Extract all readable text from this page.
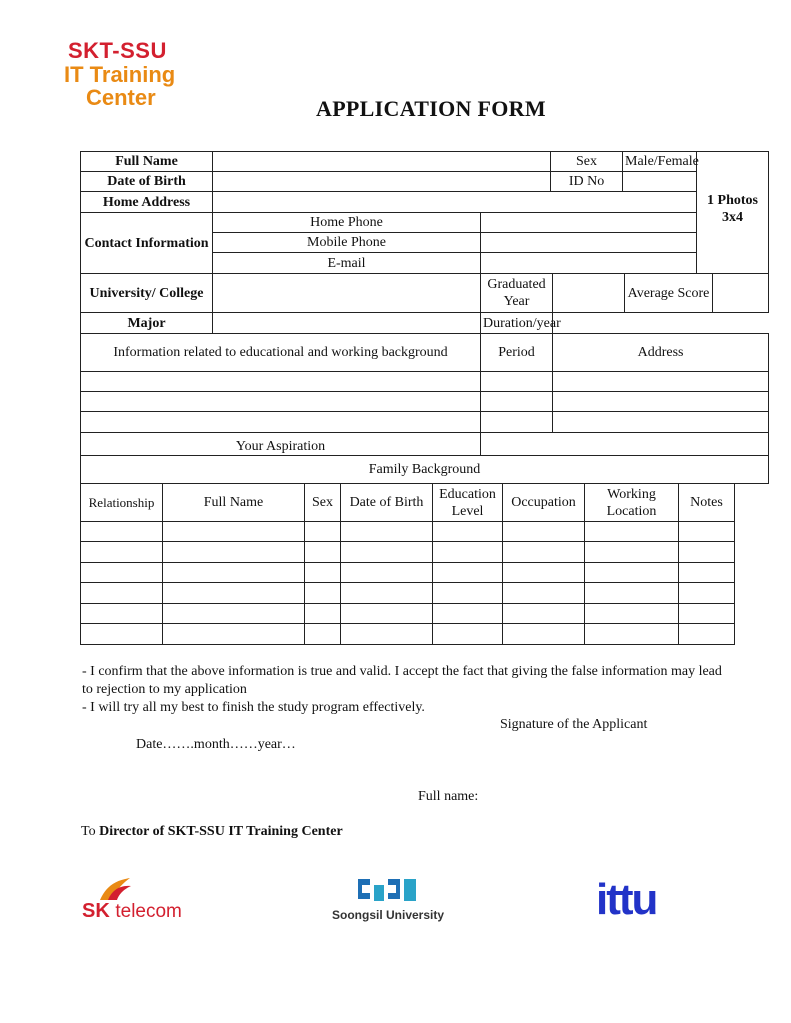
SKT-SSU
IT Training
Center	APPLICATION FORM
Full Name			Sex		Male/Female		1 Photos 3x4	
Date of Birth			ID No					
Home Address								
Contact Information	Home Phone							
	Mobile Phone							
	E-mail							
University/ College		Graduated Year				Average Score		
Major		Duration/year						
Information related to educational and working background		Period		Address				

Your Aspiration								
Family Background								
Relationship	Full Name	Sex	Date of Birth	Education Level	Occupation	Working Location	Notes

- I confirm that the above information is true and valid. I accept the fact that giving the false information may lead to rejection to my application
- I will try all my best to finish the study program effectively.
Signature of the Applicant
Date…….month……year…
Full name:
To Director of SKT-SSU IT Training Center
SK telecom	Soongsil University	ittu
